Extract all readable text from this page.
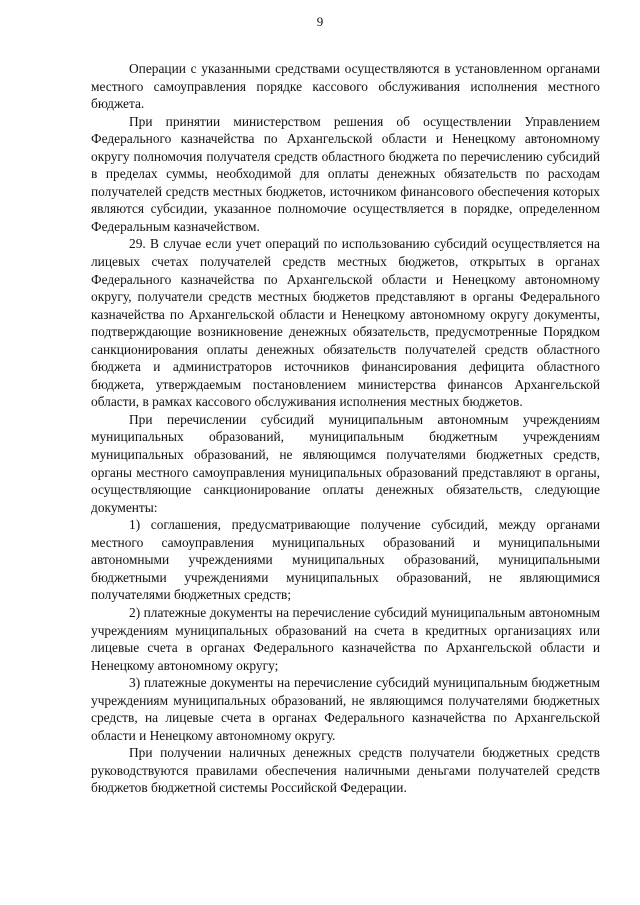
9

Операции с указанными средствами осуществляются в установленном органами местного самоуправления порядке кассового обслуживания исполнения местного бюджета.

При принятии министерством решения об осуществлении Управлением Федерального казначейства по Архангельской области и Ненецкому автономному округу полномочия получателя средств областного бюджета по перечислению субсидий в пределах суммы, необходимой для оплаты денежных обязательств по расходам получателей средств местных бюджетов, источником финансового обеспечения которых являются субсидии, указанное полномочие осуществляется в порядке, определенном Федеральным казначейством.

29. В случае если учет операций по использованию субсидий осуществляется на лицевых счетах получателей средств местных бюджетов, открытых в органах Федерального казначейства по Архангельской области и Ненецкому автономному округу, получатели средств местных бюджетов представляют в органы Федерального казначейства по Архангельской области и Ненецкому автономному округу документы, подтверждающие возникновение денежных обязательств, предусмотренные Порядком санкционирования оплаты денежных обязательств получателей средств областного бюджета и администраторов источников финансирования дефицита областного бюджета, утверждаемым постановлением министерства финансов Архангельской области, в рамках кассового обслуживания исполнения местных бюджетов.

При перечислении субсидий муниципальным автономным учреждениям муниципальных образований, муниципальным бюджетным учреждениям муниципальных образований, не являющимся получателями бюджетных средств, органы местного самоуправления муниципальных образований представляют в органы, осуществляющие санкционирование оплаты денежных обязательств, следующие документы:

1) соглашения, предусматривающие получение субсидий, между органами местного самоуправления муниципальных образований и муниципальными автономными учреждениями муниципальных образований, муниципальными бюджетными учреждениями муниципальных образований, не являющимися получателями бюджетных средств;

2) платежные документы на перечисление субсидий муниципальным автономным учреждениям муниципальных образований на счета в кредитных организациях или лицевые счета в органах Федерального казначейства по Архангельской области и Ненецкому автономному округу;

3) платежные документы на перечисление субсидий муниципальным бюджетным учреждениям муниципальных образований, не являющимся получателями бюджетных средств, на лицевые счета в органах Федерального казначейства по Архангельской области и Ненецкому автономному округу.

При получении наличных денежных средств получатели бюджетных средств руководствуются правилами обеспечения наличными деньгами получателей средств бюджетов бюджетной системы Российской Федерации.
